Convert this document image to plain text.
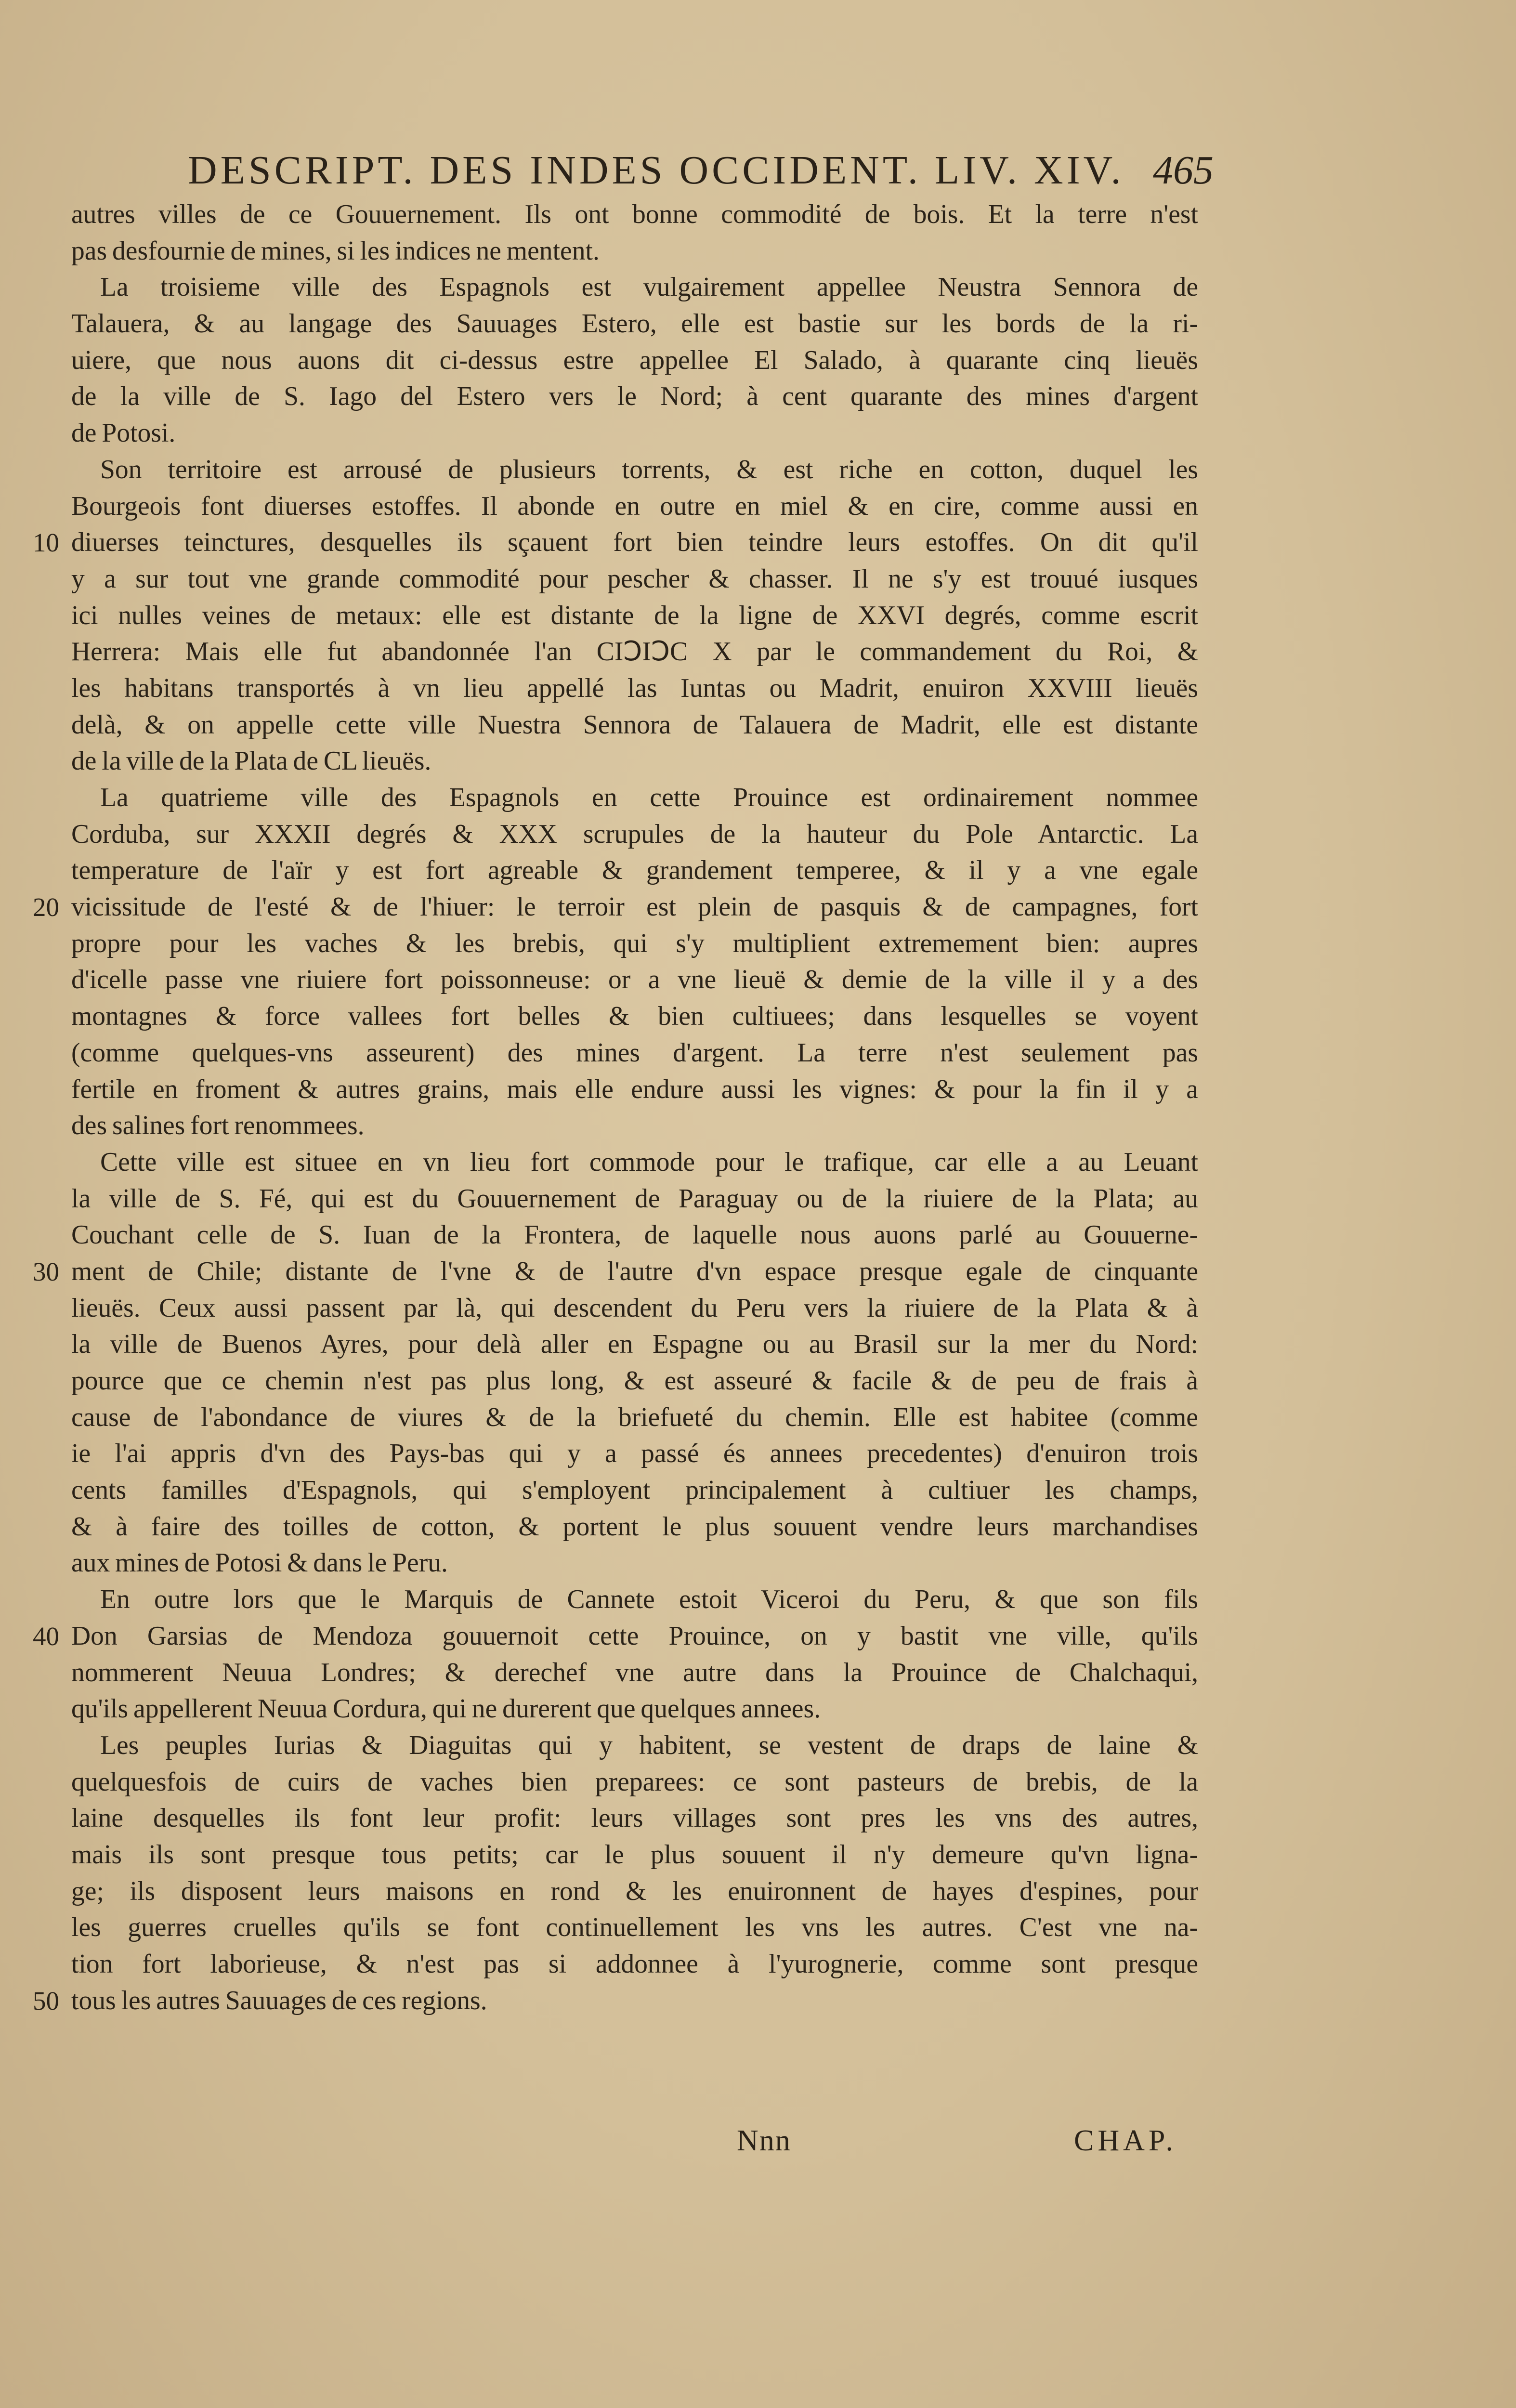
DESCRIPT. DES INDES OCCIDENT. LIV. XIV. 465
autres villes de ce Gouuernement. Ils ont bonne commodité de bois. Et la terre n'est
pas desfournie de mines, si les indices ne mentent.
La troisieme ville des Espagnols est vulgairement appellee Neustra Sennora de
Talauera, & au langage des Sauuages Estero, elle est bastie sur les bords de la ri-
uiere, que nous auons dit ci-dessus estre appellee El Salado, à quarante cinq lieuës
de la ville de S. Iago del Estero vers le Nord; à cent quarante des mines d'argent
de Potosi.
Son territoire est arrousé de plusieurs torrents, & est riche en cotton, duquel les
Bourgeois font diuerses estoffes. Il abonde en outre en miel & en cire, comme aussi en
10 diuerses teinctures, desquelles ils sçauent fort bien teindre leurs estoffes. On dit qu'il
y a sur tout vne grande commodité pour pescher & chasser. Il ne s'y est trouué iusques
ici nulles veines de metaux: elle est distante de la ligne de XXVI degrés, comme escrit
Herrera: Mais elle fut abandonnée l'an CIↃIↃC X par le commandement du Roi, &
les habitans transportés à vn lieu appellé las Iuntas ou Madrit, enuiron XXVIII lieuës
delà, & on appelle cette ville Nuestra Sennora de Talauera de Madrit, elle est distante
de la ville de la Plata de CL lieuës.
La quatrieme ville des Espagnols en cette Prouince est ordinairement nommee
Corduba, sur XXXII degrés & XXX scrupules de la hauteur du Pole Antarctic. La
temperature de l'aïr y est fort agreable & grandement temperee, & il y a vne egale
20 vicissitude de l'esté & de l'hiuer: le terroir est plein de pasquis & de campagnes, fort
propre pour les vaches & les brebis, qui s'y multiplient extremement bien: aupres
d'icelle passe vne riuiere fort poissonneuse: or a vne lieuë & demie de la ville il y a des
montagnes & force vallees fort belles & bien cultiuees; dans lesquelles se voyent
(comme quelques-vns asseurent) des mines d'argent. La terre n'est seulement pas
fertile en froment & autres grains, mais elle endure aussi les vignes: & pour la fin il y a
des salines fort renommees.
Cette ville est situee en vn lieu fort commode pour le trafique, car elle a au Leuant
la ville de S. Fé, qui est du Gouuernement de Paraguay ou de la riuiere de la Plata; au
Couchant celle de S. Iuan de la Frontera, de laquelle nous auons parlé au Gouuerne-
30 ment de Chile; distante de l'vne & de l'autre d'vn espace presque egale de cinquante
lieuës. Ceux aussi passent par là, qui descendent du Peru vers la riuiere de la Plata & à
la ville de Buenos Ayres, pour delà aller en Espagne ou au Brasil sur la mer du Nord:
pource que ce chemin n'est pas plus long, & est asseuré & facile & de peu de frais à
cause de l'abondance de viures & de la briefueté du chemin. Elle est habitee (comme
ie l'ai appris d'vn des Pays-bas qui y a passé és annees precedentes) d'enuiron trois
cents familles d'Espagnols, qui s'employent principalement à cultiuer les champs,
& à faire des toilles de cotton, & portent le plus souuent vendre leurs marchandises
aux mines de Potosi & dans le Peru.
En outre lors que le Marquis de Cannete estoit Viceroi du Peru, & que son fils
40 Don Garsias de Mendoza gouuernoit cette Prouince, on y bastit vne ville, qu'ils
nommerent Neuua Londres; & derechef vne autre dans la Prouince de Chalchaqui,
qu'ils appellerent Neuua Cordura, qui ne durerent que quelques annees.
Les peuples Iurias & Diaguitas qui y habitent, se vestent de draps de laine &
quelquesfois de cuirs de vaches bien preparees: ce sont pasteurs de brebis, de la
laine desquelles ils font leur profit: leurs villages sont pres les vns des autres,
mais ils sont presque tous petits; car le plus souuent il n'y demeure qu'vn ligna-
ge; ils disposent leurs maisons en rond & les enuironnent de hayes d'espines, pour
les guerres cruelles qu'ils se font continuellement les vns les autres. C'est vne na-
tion fort laborieuse, & n'est pas si addonnee à l'yurognerie, comme sont presque
50 tous les autres Sauuages de ces regions.
Nnn	CHAP.
